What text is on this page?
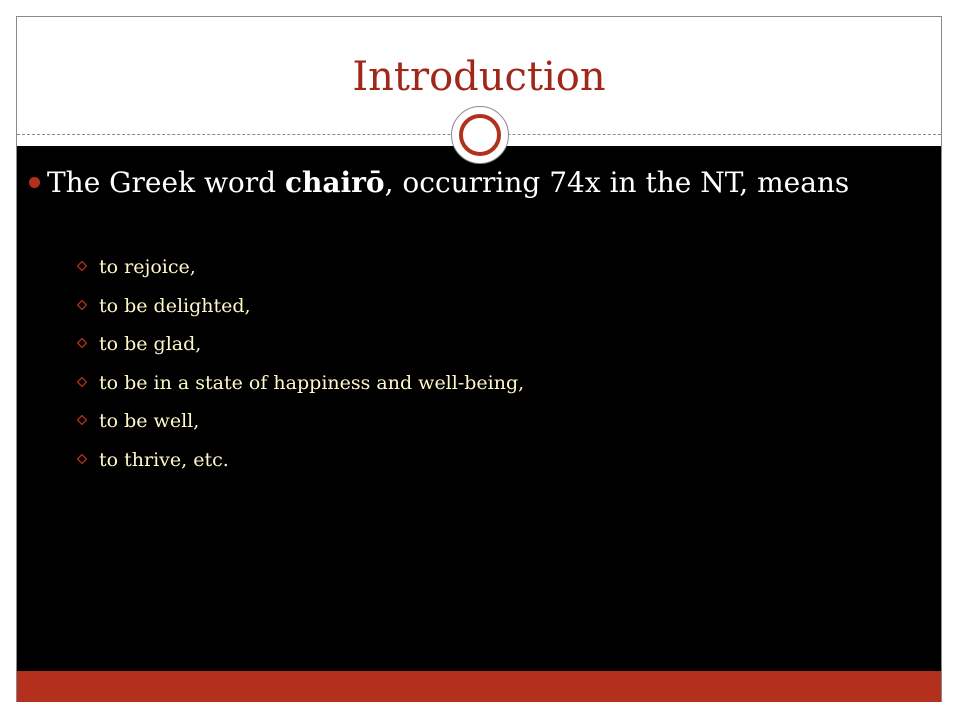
Introduction
The Greek word chairō, occurring 74x in the NT, means
to rejoice,
to be delighted,
to be glad,
to be in a state of happiness and well-being,
to be well,
to thrive, etc.
